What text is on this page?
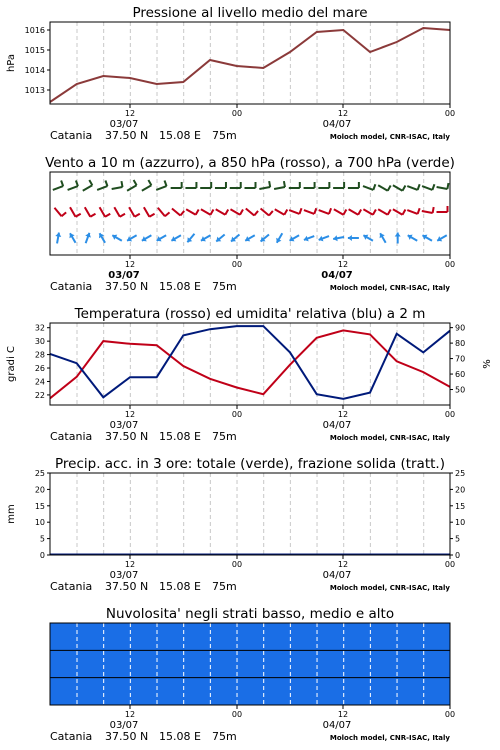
Pressione al livello medio del mare
1013
1014
1015
1016
hPa
12	00	12	00
03/07	04/07
Catania 37.50 N 15.08 E 75m	Moloch model, CNR-ISAC, Italy
Vento a 10 m (azzurro), a 850 hPa (rosso), a 700 hPa (verde)
12	00	12	00
03/07	04/07
Catania 37.50 N 15.08 E 75m	Moloch model, CNR-ISAC, Italy
Temperatura (rosso) ed umidita' relativa (blu) a 2 m
22
24
26
28
30
32
50
60
70
80
90
gradi C	%
12	00	12	00
03/07	04/07
Catania 37.50 N 15.08 E 75m	Moloch model, CNR-ISAC, Italy
Precip. acc. in 3 ore: totale (verde), frazione solida (tratt.)
0
5
10
15
20
25
0
5
10
15
20
25
mm
12	00	12	00
03/07	04/07
Catania 37.50 N 15.08 E 75m	Moloch model, CNR-ISAC, Italy
Nuvolosita' negli strati basso, medio e alto
12	00	12	00
03/07	04/07
Catania 37.50 N 15.08 E 75m	Moloch model, CNR-ISAC, Italy
